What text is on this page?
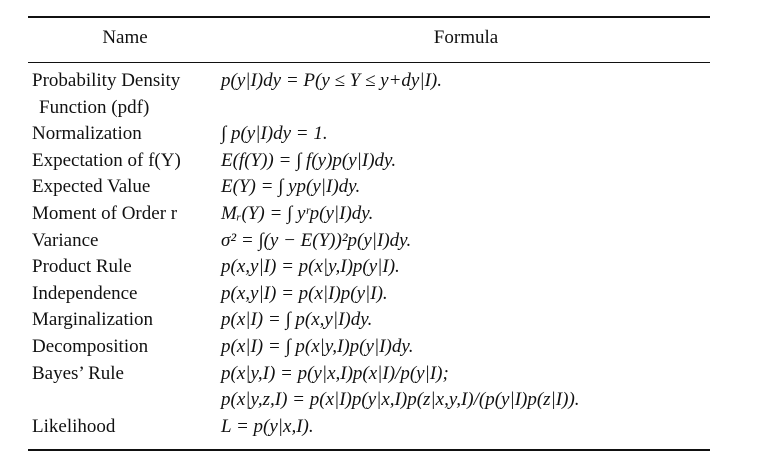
Name	Formula
Probability Density	p(y|I)dy = P(y ≤ Y ≤ y+dy|I).
Function (pdf)
Normalization	∫ p(y|I)dy = 1.
Expectation of f(Y)	E(f(Y)) = ∫ f(y)p(y|I)dy.
Expected Value	E(Y) = ∫ yp(y|I)dy.
Moment of Order r	Mᵣ(Y) = ∫ yʳp(y|I)dy.
Variance	σ² = ∫(y − E(Y))²p(y|I)dy.
Product Rule	p(x,y|I) = p(x|y,I)p(y|I).
Independence	p(x,y|I) = p(x|I)p(y|I).
Marginalization	p(x|I) = ∫ p(x,y|I)dy.
Decomposition	p(x|I) = ∫ p(x|y,I)p(y|I)dy.
Bayes’ Rule	p(x|y,I) = p(y|x,I)p(x|I)/p(y|I);
p(x|y,z,I) = p(x|I)p(y|x,I)p(z|x,y,I)/(p(y|I)p(z|I)).
Likelihood	L = p(y|x,I).
